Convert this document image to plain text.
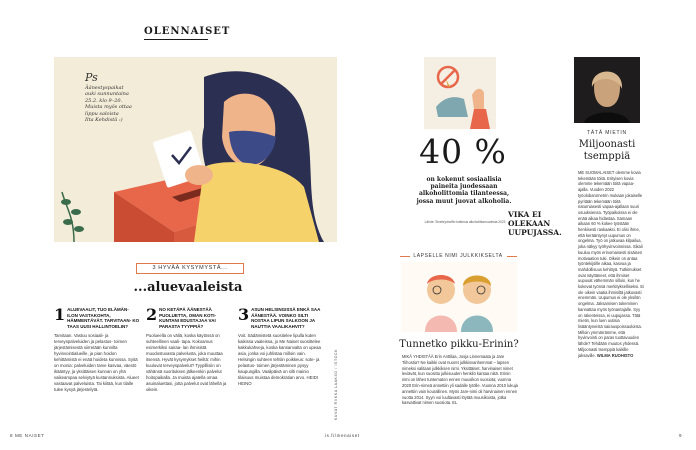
OLENNAISET
Ps
Äänestyspaikat
auki sunnuntaina
25.2. klo 9–20.
Muista myös ottaa
lippu saloista
Ilta Kehdistä :)
3 HYVÄÄ KYSYMYSTÄ...
...aluevaaleista
1 ALUEVAALIT, TUO ELÄMÄN- ILON VASTAKOHTA, HÄMMENTÄVÄT. TARVITAAN- KO TAAS UUSI HALLINTOELIN?
Tarvitaan. Vastuu sosiaali- ja terveyspalveluiden ja pelastus- toimen järjestämisestä siirretään kunnilta hyvinvointialueille, ja pian hoidon kehittämistä ei enää hoideta kunnissa. Syitä on monia: palveluiden tarve kasvaa, väestö ikääntyy, ja yksittäisen kunnan on yhä vaikeampaa selviytyä kustannuksista. Alueet vastaavat palveluista. Tai kiitää, kun tilalle tulee kysyä järjestelytä.
2 NO KETÄPÄ ÄÄNESTÄÄ PUOLUETTA, OMAN KOTI- KUNTANI EDUSTAJAA VAI PARASTA TYYPPIÄ?
Puolueella on väliä, koska käytössä on suhteellinen vaali- tapa. Kokoamus esimerkiksi sairaa- lan ihmisistä muodostuvasta palvelusta, joka muuttaa itsensä. Hyvät kysymykset heiltä: mihin kuuluvat terveyspalvelut? Tyypillisiin on vähänsä suorituksen jälkeenkin palvelut hoitopaikalla. Ja muista ajatella omaa asuinaluettasi, jotta palvelut ovat lähellä ja oikein.
3 ASUN HELSINGISSÄ ENKÄ SAA ÄÄNESTÄÄ. VOINKO SILTI NOSTAA LIPUN SALKOON JA NAUTTIA VAALIKAHVIT?
Voit. Sädämistetä suositelee lipulla kuten kaikissa vaaleissa, jo Me Naiset suosittelee kakkukahveja, koska kansanvalta on upeaa asia, jonka voi juhlistaa milloin vain. Helsingin suhteen tehtiin poikkeus: sote- ja pelastus- toimen järjestäminen pysyy kaupungilla. Vaalipäivä on silti mainio tilaisuus muistaa demokratian arvo. HEIDI HEINO	KUVAT RIIKKA LAAKSO / ISTOCK
8 ME NAISET	is.fi/menaiset	9
40 %
on kokenut sosiaalisia paineita juodessaan alkoholittomia tilanteessa, jossa muut juovat alkoholia.
Lähde: Sinebrychoffin tutkimus alkoholittomuudesta 2023
VIKA EI OLEKAAN UUPUJASSA.
LAPSELLE NIMI JULKKIKSELTA
Tunnetko pikku-Erinin?
MIKÄ YHDISTÄÄ Erin Anttilaa, Josja Linnemaata ja Jare Tiihostia? Ne kaikki ovat nuoret julkkisvanhemmat – lapsen nimeksi valitaan julkkiksen nimi. Yksittäiset, harvinaiset nimet leviävät, kun suosittu julkisuuden henkilö kantaa niitä. Erinin nimi on lähes tuntematon ennen muusikon suosiota; vuonna 2020 Erin-nimeä annettiin yli sadalle tytölle. Vuonna 2010 lukuja annettiin vain kourallinen. Myös Jare-nimi oli harvinainen ennen vuotta 2014. Syyn voi luultavasti löytää muusikoista, jotka kasvattivat nimen suosiota. EL
TÄTÄ MIETIN
Miljoonasti tsemppiä
ME SUOMALAISET olemme kovia tekemään töitä. Erityisen kovia olemme tekemään töitä vapaa-ajalla. Vuoden 2022 työolobarometrin mukaan jokaiselle pyritään tekemään töitä naturniasesti vapaa-ajallaan suuri osuuksiensa. Työpaikoissa ei ole enää aikaa hidastaa. Samaan aikaan 60 % kokee työstään henkisesti raskaaksi. Ei olisi ihme, että kerääntynyt uupumus on ongelma. Työ on jatkuvaa kilpailua, joka näkyy työhyvinvoinnissa. Sikali kuuluu myös erinomaisesti sisäisen motivaation tuki. Oikein on antaa työntekijöille aikaa, kasvua ja mahdollisuus kehittyä. Tutkimukset ovat näyttäneet, että ihmiset uupuvat vähemmän silloin, kun he kokevat työnsä merkitykselliseksi. Ei ole oikein vaatia ihmisiltä jatkuvasti enemmän. Uupumus ei ole yksilön ongelma. Jaksamisen tukeminen kannattaa myös työnantajalle. Syy on rakenteissa, ei uupujassa. Tätä mietin, kun luen uutisia lisääntyneistä sairauspoissaoloista. Milloin ymmärrämme, että hyvinvointi on paras tuottavuuden lähde? Tehdään muutos yhdessä. Miljoonasti tsemppiä kaikille jaksaville. WILMA RUOHISTO
